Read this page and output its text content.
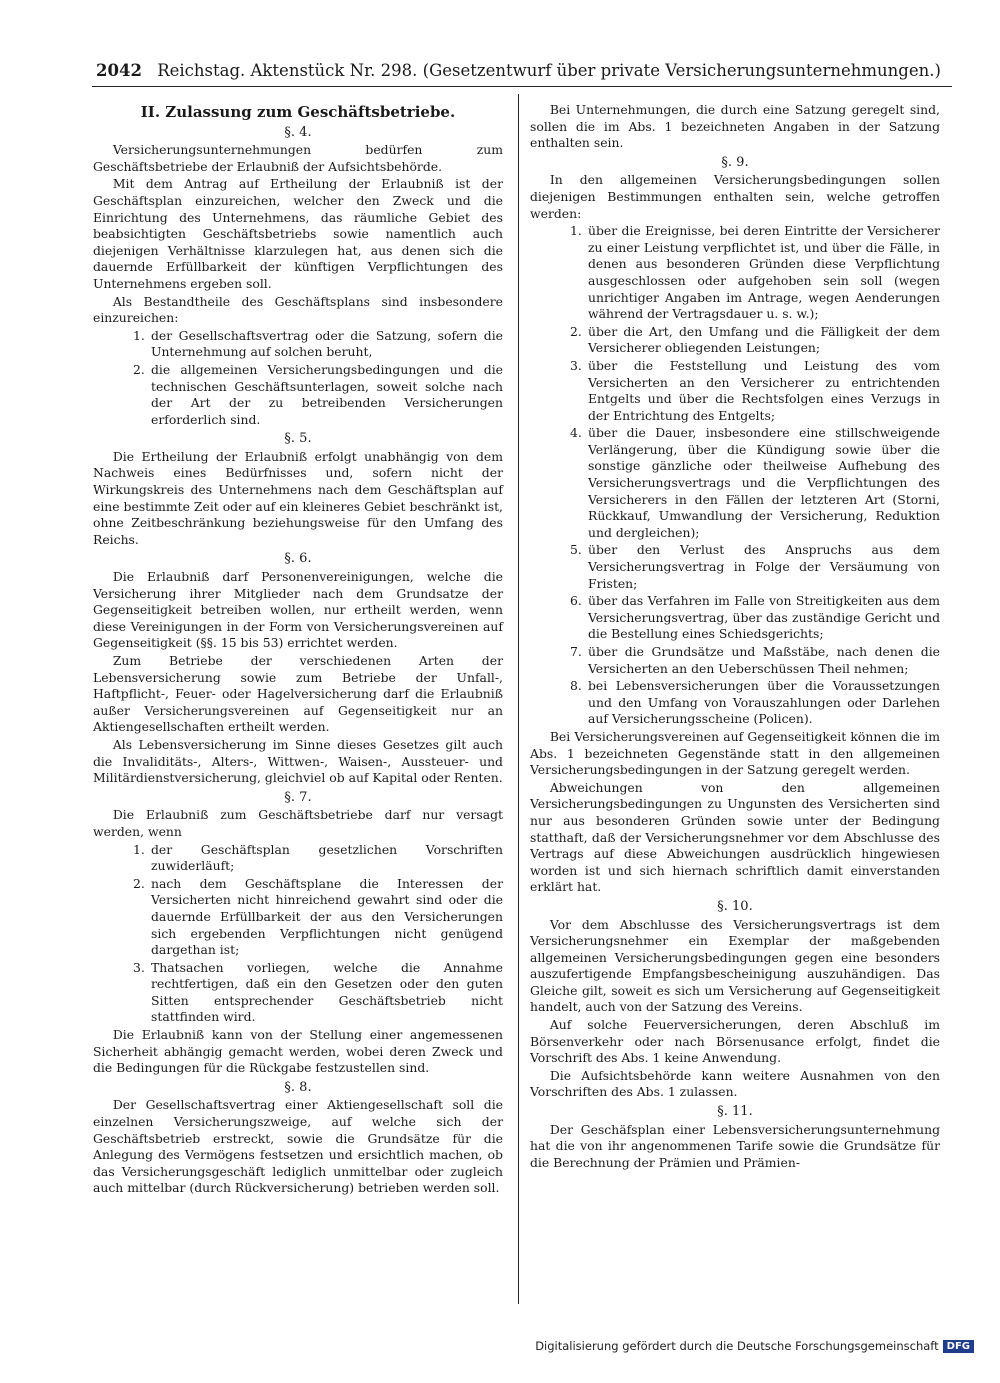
2042 Reichstag. Aktenstück Nr. 298. (Gesetzentwurf über private Versicherungsunternehmungen.)
II. Zulassung zum Geschäftsbetriebe.
§. 4.

Versicherungsunternehmungen bedürfen zum Geschäftsbetriebe der Erlaubniß der Aufsichtsbehörde.

Mit dem Antrag auf Ertheilung der Erlaubniß ist der Geschäftsplan einzureichen, welcher den Zweck und die Einrichtung des Unternehmens, das räumliche Gebiet des beabsichtigten Geschäftsbetriebs sowie namentlich auch diejenigen Verhältnisse klarzulegen hat, aus denen sich die dauernde Erfüllbarkeit der künftigen Verpflichtungen des Unternehmens ergeben soll.

Als Bestandtheile des Geschäftsplans sind insbesondere einzureichen:

1. der Gesellschaftsvertrag oder die Satzung, sofern die Unternehmung auf solchen beruht,
2. die allgemeinen Versicherungsbedingungen und die technischen Geschäftsunterlagen, soweit solche nach der Art der zu betreibenden Versicherungen erforderlich sind.
§. 5.

Die Ertheilung der Erlaubniß erfolgt unabhängig von dem Nachweis eines Bedürfnisses und, sofern nicht der Wirkungskreis des Unternehmens nach dem Geschäftsplan auf eine bestimmte Zeit oder auf ein kleineres Gebiet beschränkt ist, ohne Zeitbeschränkung beziehungsweise für den Umfang des Reichs.

§. 6.

Die Erlaubniß darf Personenvereinigungen, welche die Versicherung ihrer Mitglieder nach dem Grundsatze der Gegenseitigkeit betreiben wollen, nur ertheilt werden, wenn diese Vereinigungen in der Form von Versicherungsvereinen auf Gegenseitigkeit (§§. 15 bis 53) errichtet werden.

Zum Betriebe der verschiedenen Arten der Lebensversicherung sowie zum Betriebe der Unfall-, Haftpflicht-, Feuer- oder Hagelversicherung darf die Erlaubniß außer Versicherungsvereinen auf Gegenseitigkeit nur an Aktiengesellschaften ertheilt werden.

Als Lebensversicherung im Sinne dieses Gesetzes gilt auch die Invaliditäts-, Alters-, Wittwen-, Waisen-, Aussteuer- und Militärdienstversicherung, gleichviel ob auf Kapital oder Renten.

§. 7.

Die Erlaubniß zum Geschäftsbetriebe darf nur versagt werden, wenn

1. der Geschäftsplan gesetzlichen Vorschriften zuwiderläuft;
2. nach dem Geschäftsplane die Interessen der Versicherten nicht hinreichend gewahrt sind oder die dauernde Erfüllbarkeit der aus den Versicherungen sich ergebenden Verpflichtungen nicht genügend dargethan ist;
3. Thatsachen vorliegen, welche die Annahme rechtfertigen, daß ein den Gesetzen oder den guten Sitten entsprechender Geschäftsbetrieb nicht stattfinden wird.

Die Erlaubniß kann von der Stellung einer angemessenen Sicherheit abhängig gemacht werden, wobei deren Zweck und die Bedingungen für die Rückgabe festzustellen sind.

§. 8.

Der Gesellschaftsvertrag einer Aktiengesellschaft soll die einzelnen Versicherungszweige, auf welche sich der Geschäftsbetrieb erstreckt, sowie die Grundsätze für die Anlegung des Vermögens festsetzen und ersichtlich machen, ob das Versicherungsgeschäft lediglich unmittelbar oder zugleich auch mittelbar (durch Rückversicherung) betrieben werden soll.

Bei Unternehmungen, die durch eine Satzung geregelt sind, sollen die im Abs. 1 bezeichneten Angaben in der Satzung enthalten sein.

§. 9.

In den allgemeinen Versicherungsbedingungen sollen diejenigen Bestimmungen enthalten sein, welche getroffen werden:

1. über die Ereignisse, bei deren Eintritte der Versicherer zu einer Leistung verpflichtet ist, und über die Fälle, in denen aus besonderen Gründen diese Verpflichtung ausgeschlossen oder aufgehoben sein soll (wegen unrichtiger Angaben im Antrage, wegen Aenderungen während der Vertragsdauer u. s. w.);
2. über die Art, den Umfang und die Fälligkeit der dem Versicherer obliegenden Leistungen;
3. über die Feststellung und Leistung des vom Versicherten an den Versicherer zu entrichtenden Entgelts und über die Rechtsfolgen eines Verzugs in der Entrichtung des Entgelts;
4. über die Dauer, insbesondere eine stillschweigende Verlängerung, über die Kündigung sowie über die sonstige gänzliche oder theilweise Aufhebung des Versicherungsvertrags und die Verpflichtungen des Versicherers in den Fällen der letzteren Art (Storni, Rückkauf, Umwandlung der Versicherung, Reduktion und dergleichen);
5. über den Verlust des Anspruchs aus dem Versicherungsvertrag in Folge der Versäumung von Fristen;
6. über das Verfahren im Falle von Streitigkeiten aus dem Versicherungsvertrag, über das zuständige Gericht und die Bestellung eines Schiedsgerichts;
7. über die Grundsätze und Maßstäbe, nach denen die Versicherten an den Ueberschüssen Theil nehmen;
8. bei Lebensversicherungen über die Voraussetzungen und den Umfang von Vorauszahlungen oder Darlehen auf Versicherungsscheine (Policen).

Bei Versicherungsvereinen auf Gegenseitigkeit können die im Abs. 1 bezeichneten Gegenstände statt in den allgemeinen Versicherungsbedingungen in der Satzung geregelt werden.

Abweichungen von den allgemeinen Versicherungsbedingungen zu Ungunsten des Versicherten sind nur aus besonderen Gründen sowie unter der Bedingung statthaft, daß der Versicherungsnehmer vor dem Abschlusse des Vertrags auf diese Abweichungen ausdrücklich hingewiesen worden ist und sich hiernach schriftlich damit einverstanden erklärt hat.

§. 10.

Vor dem Abschlusse des Versicherungsvertrags ist dem Versicherungsnehmer ein Exemplar der maßgebenden allgemeinen Versicherungsbedingungen gegen eine besonders auszufertigende Empfangsbescheinigung auszuhändigen. Das Gleiche gilt, soweit es sich um Versicherung auf Gegenseitigkeit handelt, auch von der Satzung des Vereins.

Auf solche Feuerversicherungen, deren Abschluß im Börsenverkehr oder nach Börsenusance erfolgt, findet die Vorschrift des Abs. 1 keine Anwendung.

Die Aufsichtsbehörde kann weitere Ausnahmen von den Vorschriften des Abs. 1 zulassen.

§. 11.

Der Geschäfsplan einer Lebensversicherungsunternehmung hat die von ihr angenommenen Tarife sowie die Grundsätze für die Berechnung der Prämien und Prämien-

Digitalisierung gefördert durch die Deutsche Forschungsgemeinschaft DFG
